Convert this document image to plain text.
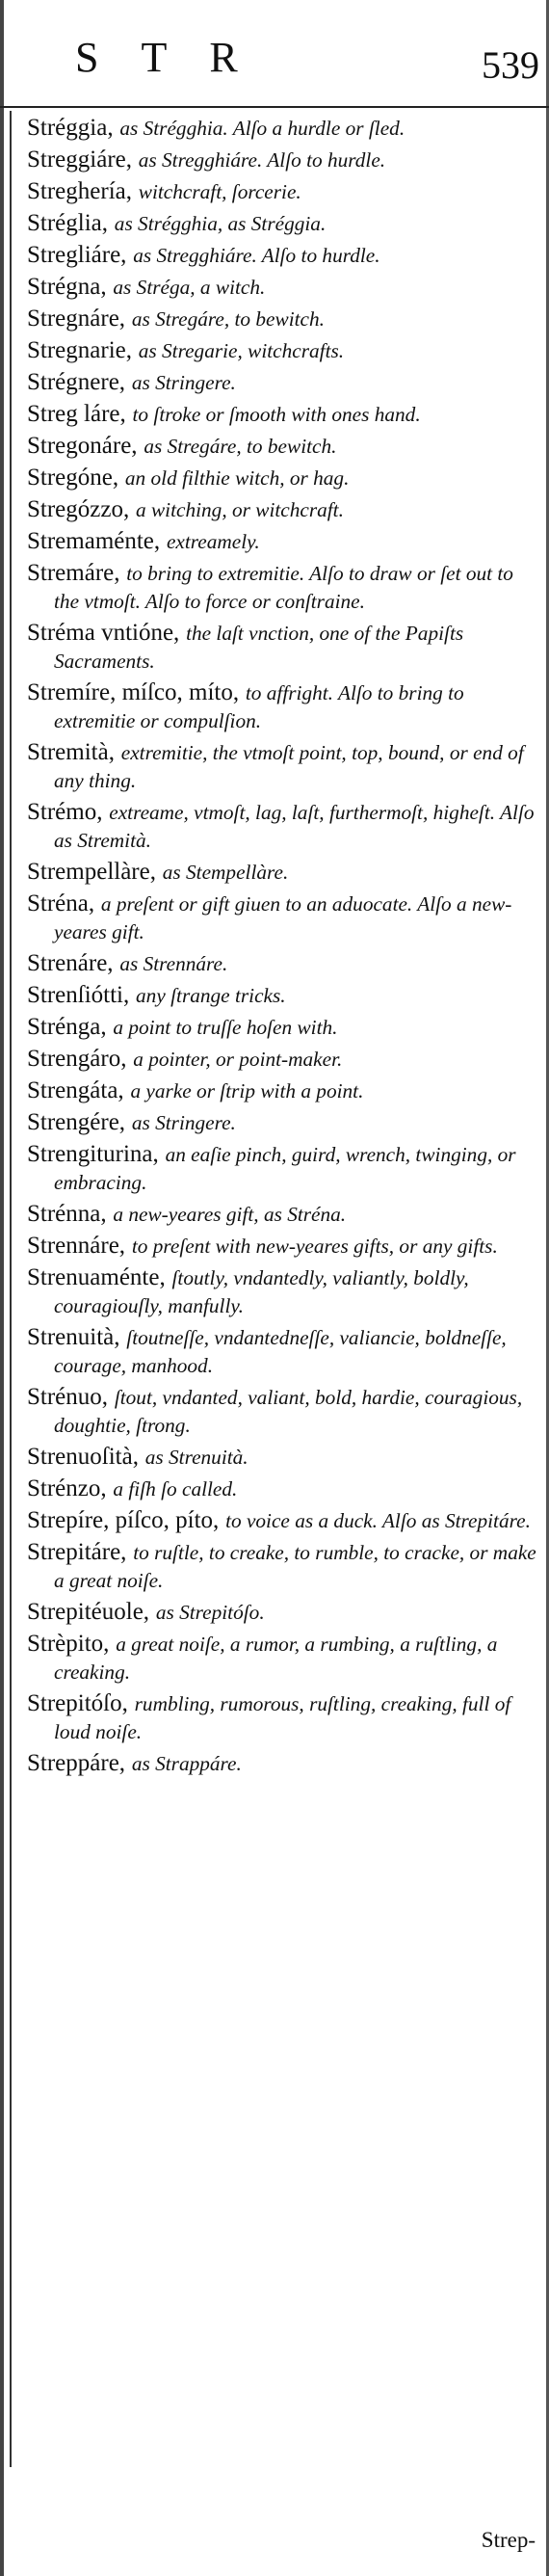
STR	539
Stréggia, as Strégghia. Alſo a hurdle or ſled.
Streggiáre, as Stregghiáre. Alſo to hurdle.
Streghería, witchcraft, ſorcerie.
Stréglia, as Strégghia, as Stréggia.
Stregliáre, as Stregghiáre. Alſo to hurdle.
Strégna, as Stréga, a witch.
Stregnáre, as Stregáre, to bewitch.
Stregnarie, as Stregarie, witchcrafts.
Strégnere, as Stringere.
Streg láre, to ſtroke or ſmooth with ones hand.
Stregonáre, as Stregáre, to bewitch.
Stregóne, an old filthie witch, or hag.
Stregózzo, a witching, or witchcraft.
Stremaménte, extreamely.
Stremáre, to bring to extremitie. Alſo to draw or ſet out to the vtmoſt. Alſo to force or conſtraine.
Stréma vntióne, the laſt vnction, one of the Papiſts Sacraments.
Stremíre, míſco, míto, to affright. Alſo to bring to extremitie or compulſion.
Stremità, extremitie, the vtmoſt point, top, bound, or end of any thing.
Strémo, extreame, vtmoſt, lag, laſt, furthermoſt, higheſt. Alſo as Stremità.
Strempellàre, as Stempellàre.
Stréna, a preſent or gift giuen to an aduocate. Alſo a new-yeares gift.
Strenáre, as Strennáre.
Strenſiótti, any ſtrange tricks.
Strénga, a point to truſſe hoſen with.
Strengáro, a pointer, or point-maker.
Strengáta, a yarke or ſtrip with a point.
Strengére, as Stringere.
Strengiturina, an eaſie pinch, guird, wrench, twinging, or embracing.
Strénna, a new-yeares gift, as Stréna.
Strennáre, to preſent with new-yeares gifts, or any gifts.
Strenuaménte, ſtoutly, vndantedly, valiantly, boldly, couragiouſly, manfully.
Strenuità, ſtoutneſſe, vndantedneſſe, valiancie, boldneſſe, courage, manhood.
Strénuo, ſtout, vndanted, valiant, bold, hardie, couragious, doughtie, ſtrong.
Strenuoſità, as Strenuità.
Strénzo, a fiſh ſo called.
Strepíre, píſco, píto, to voice as a duck. Alſo as Strepitáre.
Strepitáre, to ruſtle, to creake, to rumble, to cracke, or make a great noiſe.
Strepitéuole, as Strepitóſo.
Strèpito, a great noiſe, a rumor, a rumbing, a ruſtling, a creaking.
Strepitóſo, rumbling, rumorous, ruſtling, creaking, full of loud noiſe.
Streppáre, as Strappáre.
Strep-
